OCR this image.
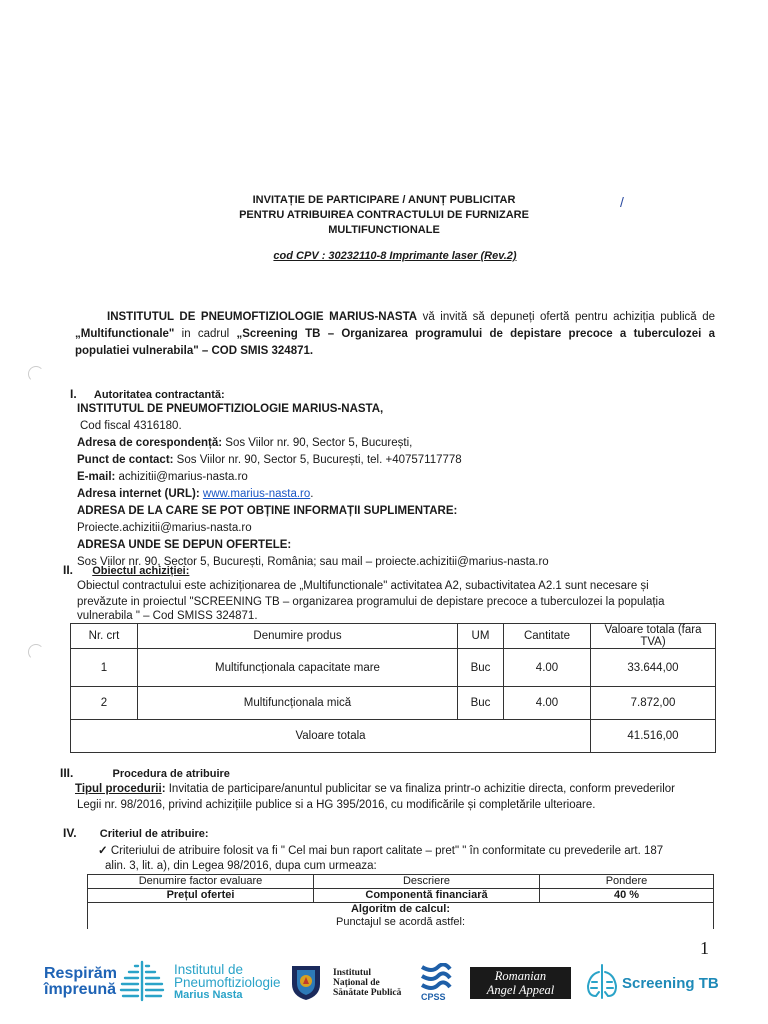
INVITAȚIE DE PARTICIPARE / ANUNȚ PUBLICITAR
PENTRU ATRIBUIREA CONTRACTULUI DE FURNIZARE
MULTIFUNCTIONALE
/
cod CPV : 30232110-8 Imprimante laser (Rev.2)
INSTITUTUL DE PNEUMOFTIZIOLOGIE MARIUS-NASTA vă invită să depuneți ofertă pentru achiziția publică de „Multifunctionale" in cadrul „Screening TB – Organizarea programului de depistare precoce a tuberculozei a populatiei vulnerabila" – COD SMIS 324871.
I. Autoritatea contractantă:
INSTITUTUL DE PNEUMOFTIZIOLOGIE MARIUS-NASTA,
Cod fiscal 4316180.
Adresa de corespondență: Sos Viilor nr. 90, Sector 5, București,
Punct de contact: Sos Viilor nr. 90, Sector 5, București, tel. +40757117778
E-mail: achizitii@marius-nasta.ro
Adresa internet (URL): www.marius-nasta.ro.
ADRESA DE LA CARE SE POT OBȚINE INFORMAȚII SUPLIMENTARE:
Proiecte.achizitii@marius-nasta.ro
ADRESA UNDE SE DEPUN OFERTELE:
Sos Viilor nr. 90, Sector 5, București, România; sau mail – proiecte.achizitii@marius-nasta.ro
II. Obiectul achiziției:
Obiectul contractului este achiziționarea de „Multifunctionale" activitatea A2, subactivitatea A2.1 sunt necesare și
prevăzute in proiectul "SCREENING TB – organizarea programului de depistare precoce a tuberculozei la populația
vulnerabila " – Cod SMISS 324871.
Nr. crt	Denumire produs	UM	Cantitate	Valoare totala (fara TVA)
1	Multifuncționala capacitate mare	Buc	4.00	33.644,00
2	Multifuncționala mică	Buc	4.00	7.872,00
Valoare totala				41.516,00
III.	Procedura de atribuire
Tipul procedurii: Invitatia de participare/anuntul publicitar se va finaliza printr-o achizitie directa, conform prevederilor
Legii nr. 98/2016, privind achizițiile publice si a HG 395/2016, cu modificările și completările ulterioare.
IV. Criteriul de atribuire:
✓ Criteriului de atribuire folosit va fi " Cel mai bun raport calitate – pret" " în conformitate cu prevederile art. 187
alin. 3, lit. a), din Legea 98/2016, dupa cum urmeaza:
Denumire factor evaluare	Descriere	Pondere
Prețul ofertei	Componentă financiară	40 %
Algoritm de calcul:
Punctajul se acordă astfel:		
1
Respirăm
împreună
Institutul de
Pneumoftiziologie
Marius Nasta
Institutul
Național de
Sănătate Publică CPSS
Romanian
Angel Appeal	Screening TB
